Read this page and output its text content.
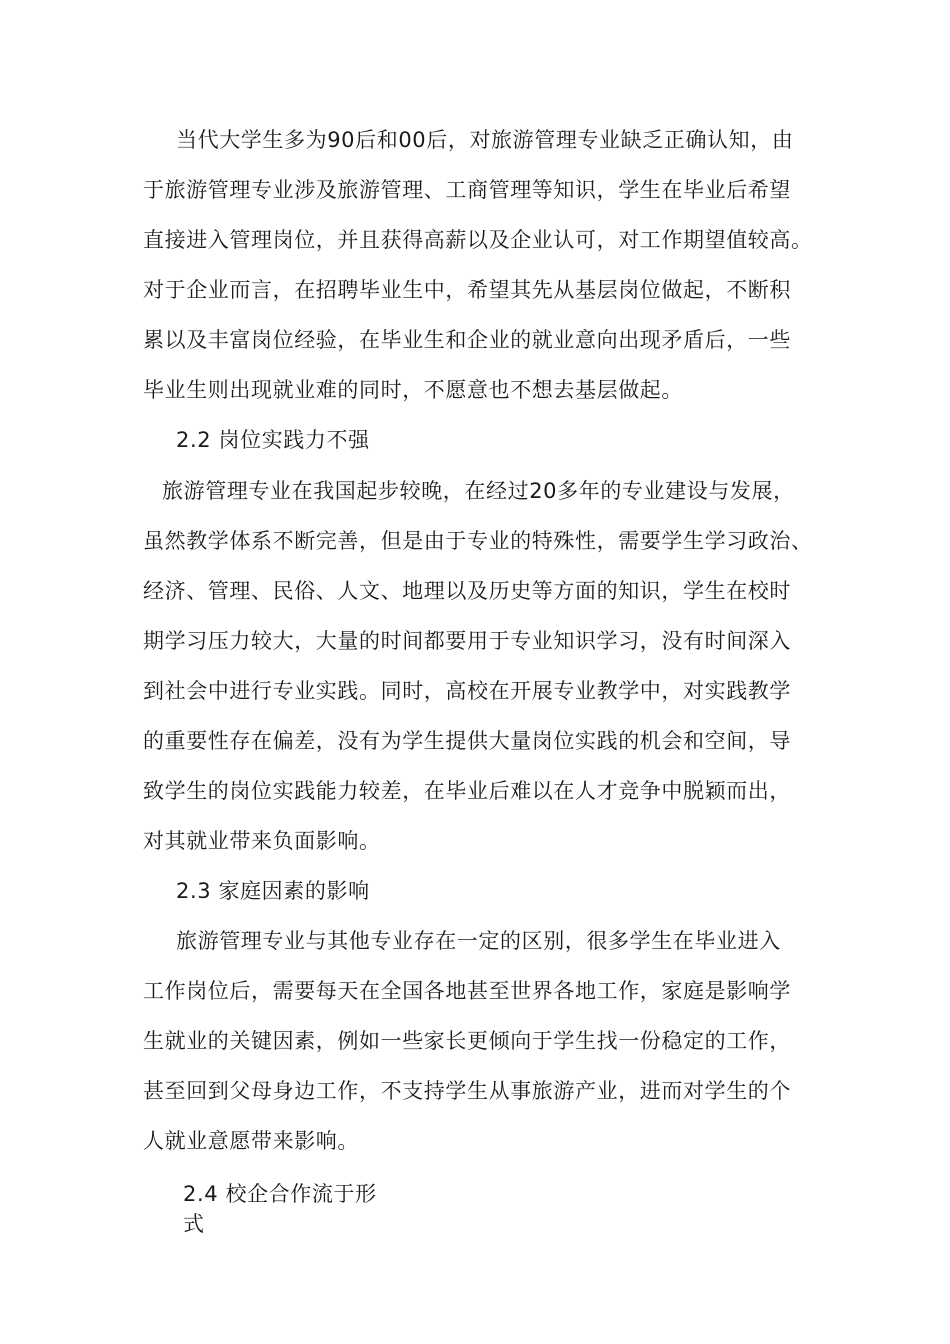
当代大学生多为90后和00后，对旅游管理专业缺乏正确认知，由
于旅游管理专业涉及旅游管理、工商管理等知识，学生在毕业后希望
直接进入管理岗位，并且获得高薪以及企业认可，对工作期望值较高。
对于企业而言，在招聘毕业生中，希望其先从基层岗位做起，不断积
累以及丰富岗位经验，在毕业生和企业的就业意向出现矛盾后，一些
毕业生则出现就业难的同时，不愿意也不想去基层做起。
2.2 岗位实践力不强
旅游管理专业在我国起步较晚，在经过20多年的专业建设与发展，
虽然教学体系不断完善，但是由于专业的特殊性，需要学生学习政治、
经济、管理、民俗、人文、地理以及历史等方面的知识，学生在校时
期学习压力较大，大量的时间都要用于专业知识学习，没有时间深入
到社会中进行专业实践。同时，高校在开展专业教学中，对实践教学
的重要性存在偏差，没有为学生提供大量岗位实践的机会和空间，导
致学生的岗位实践能力较差，在毕业后难以在人才竞争中脱颖而出，
对其就业带来负面影响。
2.3 家庭因素的影响
旅游管理专业与其他专业存在一定的区别，很多学生在毕业进入
工作岗位后，需要每天在全国各地甚至世界各地工作，家庭是影响学
生就业的关键因素，例如一些家长更倾向于学生找一份稳定的工作，
甚至回到父母身边工作，不支持学生从事旅游产业，进而对学生的个
人就业意愿带来影响。
2.4 校企合作流于形式
